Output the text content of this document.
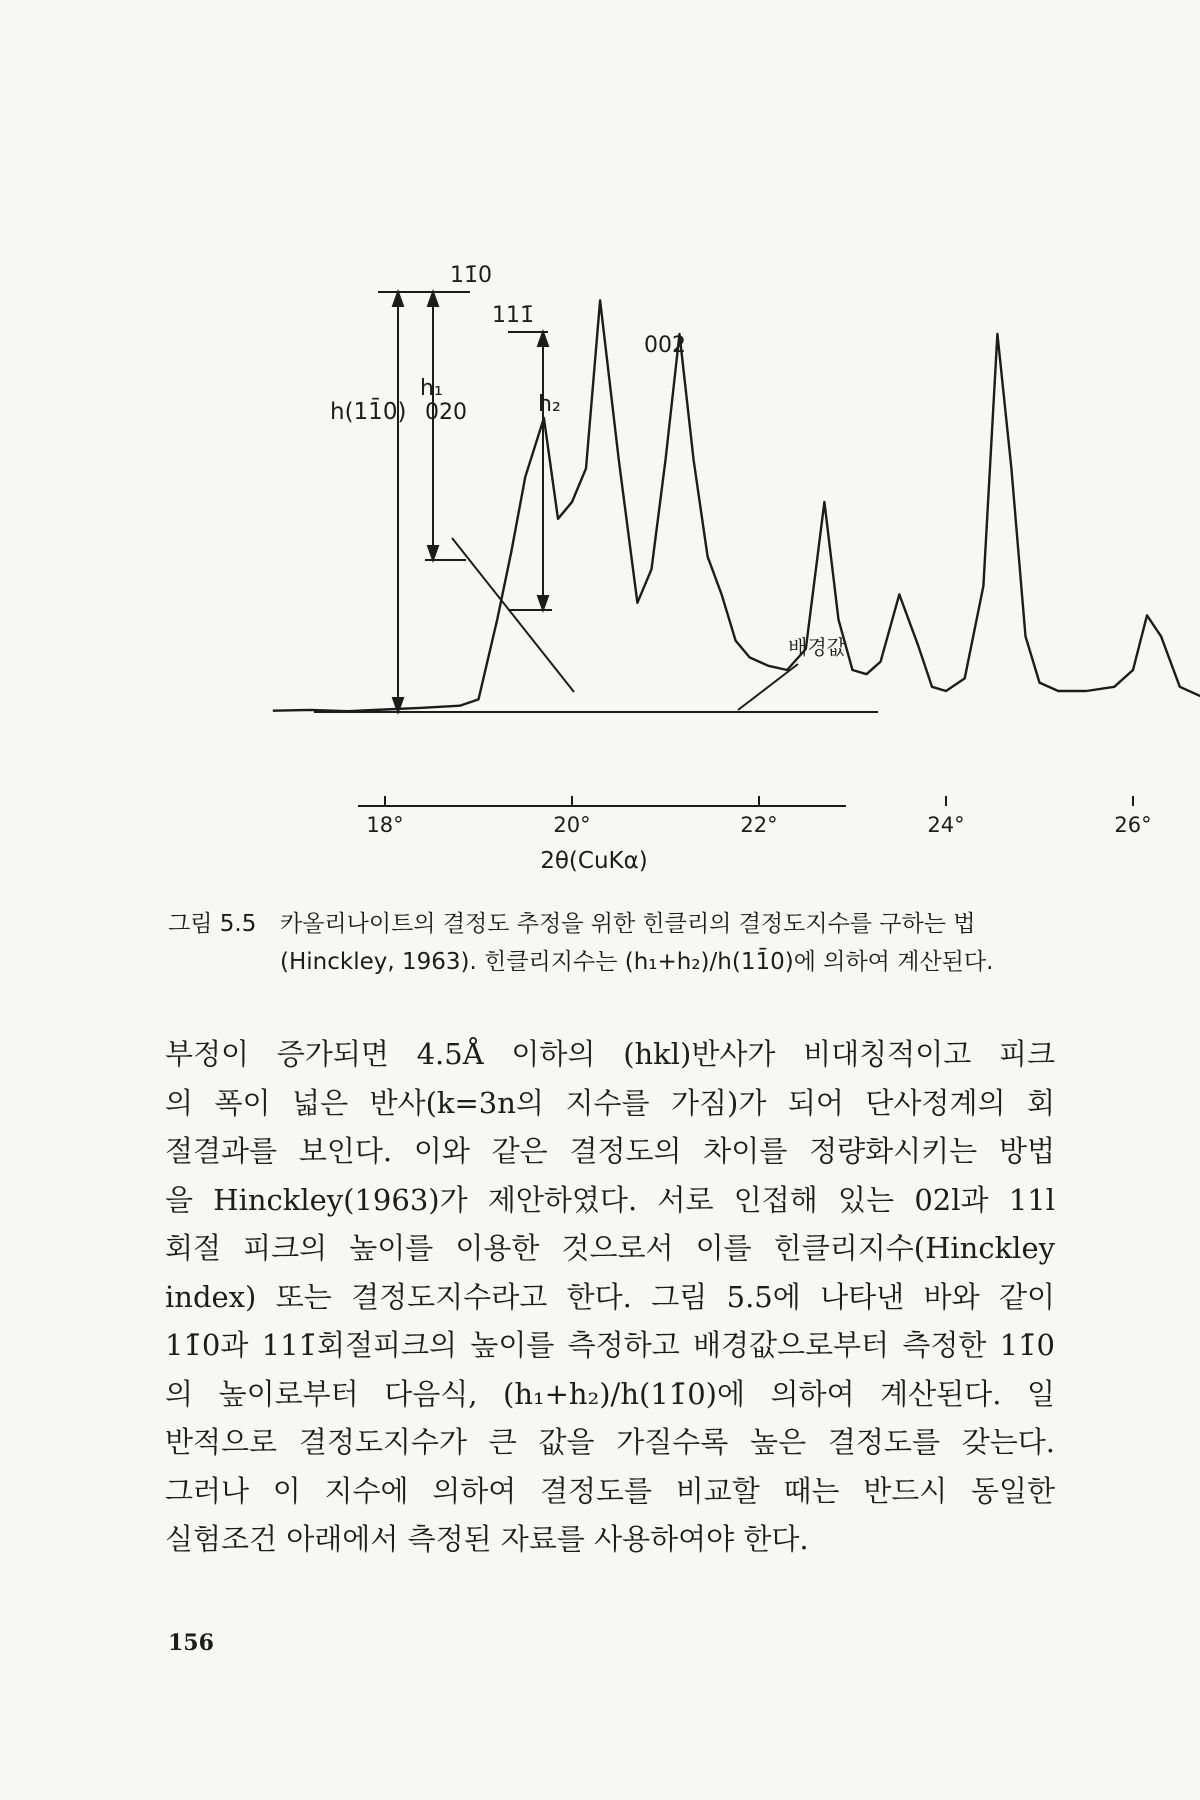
11̄0
111̄
002
020
h(11̄0)
h₁
h₂
배경값
18°	20°	22°	24°	26°
2θ(CuKα)
그림 5.5 카올리나이트의 결정도 추정을 위한 힌클리의 결정도지수를 구하는 법(Hinckley, 1963). 힌클리지수는 (h₁+h₂)/h(11̄0)에 의하여 계산된다.
부정이 증가되면 4.5Å 이하의 (hkl)반사가 비대칭적이고 피크
의 폭이 넓은 반사(k=3n의 지수를 가짐)가 되어 단사정계의 회
절결과를 보인다. 이와 같은 결정도의 차이를 정량화시키는 방법
을 Hinckley(1963)가 제안하였다. 서로 인접해 있는 02l과 11l
회절 피크의 높이를 이용한 것으로서 이를 힌클리지수(Hinckley
index) 또는 결정도지수라고 한다. 그림 5.5에 나타낸 바와 같이
11̄0과 111̄회절피크의 높이를 측정하고 배경값으로부터 측정한 11̄0
의 높이로부터 다음식, (h₁+h₂)/h(11̄0)에 의하여 계산된다. 일
반적으로 결정도지수가 큰 값을 가질수록 높은 결정도를 갖는다.
그러나 이 지수에 의하여 결정도를 비교할 때는 반드시 동일한
실험조건 아래에서 측정된 자료를 사용하여야 한다.
156
